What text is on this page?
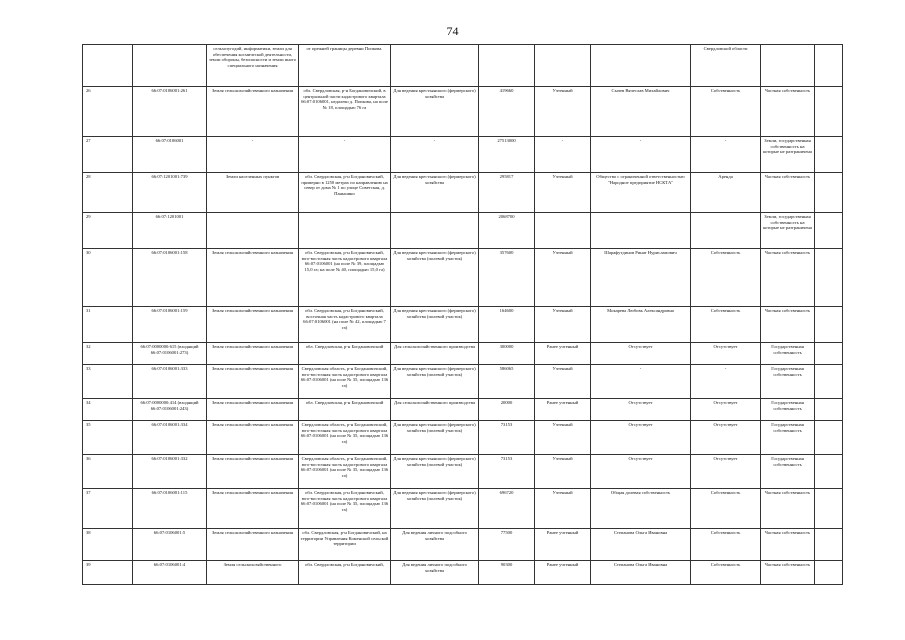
74
		сельхозугодий, информатики, земли для обеспечения космической деятельности, земли обороны, безопасности и земли иного специального назначения	от прежней границы деревни Попкова.					Свердловской области		
26	66:07:0106001:261	Земля сельскохозяйственного назначения	обл. Свердловская, р-н Богдановичский, в центральной части кадастрового квартала 66:07:0106001, недалеко д. Попкова, на поле № 18, площадью 76 га	Для ведения крестьянского (фермерского) хозяйства	419660	Учтенный	Сычев Вячеслав Михайлович	Собственность	Частная собственность	
27	66:07:0106001	-	-	-	27513000	-	-	-	Земли, государственная собственность на которые не разграничена	
28	66:07:1201001:739	Земли населенных пунктов	обл. Свердловская, р-н Богдановичский, примерно в 1250 метрах по направлению на север от дома № 1 по улице Советская, д. Паньшино	Для ведения крестьянского (фермерского) хозяйства	295817	Учтенный	Общество с ограниченной ответственностью "Народное предприятие НСКТА"	Аренда	Частная собственность	
29	66:07:1201001				2068700				Земли, государственная собственность на которые не разграничена	
30	66:07:0106001:158	Земля сельскохозяйственного назначения	обл. Свердловская, р-н Богдановичский, юго-восточная часть кадастрового квартала 66:07:0106001 (на поле № 39, площадью 15,0 га; на поле № 40, площадью 15,0 га)	Для ведения крестьянского (фермерского) хозяйства (полевой участок)	357600	Учтенный	Шарафутдинов Ринат Нурисламович	Собственность	Частная собственность	
31	66:07:0106001:159	Земля сельскохозяйственного назначения	обл. Свердловская, р-н Богдановичский, восточная часть кадастрового квартала 66:07:0106001 (на поле № 42, площадью 7 га)	Для ведения крестьянского (фермерского) хозяйства (полевой участок)	164600	Учтенный	Мокарева Любовь Александровна	Собственность	Частная собственность	
32	66:07:0000000:615 (входящий 66:07:0106001:273)	Земля сельскохозяйственного назначения	обл. Свердловская, р-н Богдановичский	Для сельскохозяйственного производства	300000	Ранее учтенный	Отсутствует	Отсутствует	Государственная собственность	
33	66:07:0106001:333	Земля сельскохозяйственного назначения	Свердловская область, р-н Богдановичский, юго-восточная часть кадастрового квартала 66:07:0106001 (на поле № 35, площадью 136 га)	Для ведения крестьянского (фермерского) хозяйства (полевой участок)	586065	Учтенный	-	-	Государственная собственность	
34	66:07:0000000:414 (входящий 66:07:0106001:243)	Земля сельскохозяйственного назначения	обл. Свердловская, р-н Богдановичский	Для сельскохозяйственного производства	20000	Ранее учтенный	Отсутствует	Отсутствует	Государственная собственность	
35	66:07:0106001:334	Земля сельскохозяйственного назначения	Свердловская область, р-н Богдановичский, юго-восточная часть кадастрового квартала 66:07:0106001 (на поле № 35, площадью 136 га)	Для ведения крестьянского (фермерского) хозяйства (полевой участок)	73153	Учтенный	Отсутствует	Отсутствует	Государственная собственность	
36	66:07:0106001:332	Земля сельскохозяйственного назначения	Свердловская область, р-н Богдановичский, юго-восточная часть кадастрового квартала 66:07:0106001 (на поле № 35, площадью 136 га)	Для ведения крестьянского (фермерского) хозяйства (полевой участок)	73153	Учтенный	Отсутствует	Отсутствует	Государственная собственность	
37	66:07:0106001:115	Земля сельскохозяйственного назначения	обл. Свердловская, р-н Богдановичский, юго-восточная часть кадастрового квартала 66:07:0106001 (на поле № 35, площадью 136 га)	Для ведения крестьянского (фермерского) хозяйства (полевой участок)	696720	Учтенный	Общая долевая собственность	Собственность	Частная собственность	
38	66:07:0106001:5	Земля сельскохозяйственного назначения	обл. Свердловская, р-н Богдановичский, на территории Управления Коменской сельской территории	Для ведения личного подсобного хозяйства	77500	Ранее учтенный	Степанова Ольга Ивановна	Собственность	Частная собственность	
39	66:07:0106001:4	Земля сельскохозяйственного	обл. Свердловская, р-н Богдановичский,	Для ведения личного подсобного хозяйства	90300	Ранее учтенный	Степанова Ольга Ивановна	Собственность	Частная собственность	
